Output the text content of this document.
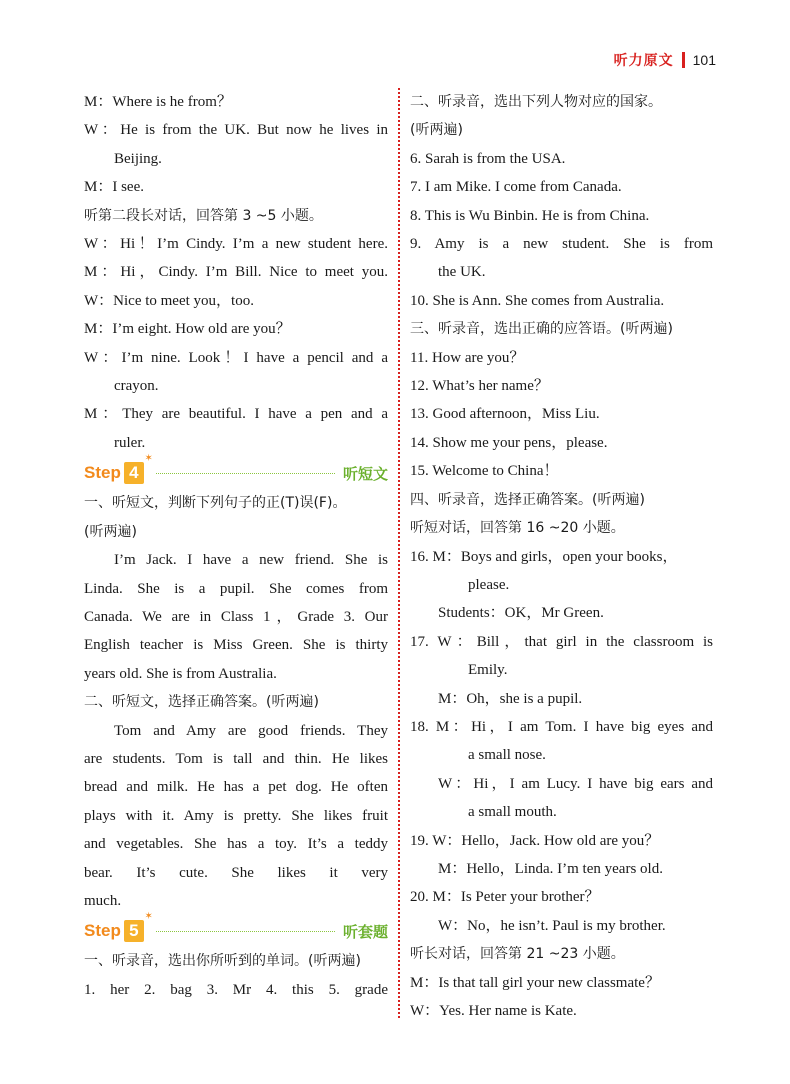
听力原文 101
M：Where is he from？
W：He is from the UK. But now he lives in
Beijing.
M：I see.
听第二段长对话，回答第 3 ~5 小题。
W：Hi！I’m Cindy. I’m a new student here.
M：Hi，Cindy. I’m Bill. Nice to meet you.
W：Nice to meet you，too.
M：I’m eight. How old are you？
W：I’m nine. Look！I have a pencil and a
crayon.
M：They are beautiful. I have a pen and a
ruler.
Step 4
✶
听短文
一、听短文，判断下列句子的正(T)误(F)。
(听两遍)
I’m Jack. I have a new friend. She is
Linda. She is a pupil. She comes from
Canada. We are in Class 1，Grade 3. Our
English teacher is Miss Green. She is thirty
years old. She is from Australia.
二、听短文，选择正确答案。(听两遍)
Tom and Amy are good friends. They
are students. Tom is tall and thin. He likes
bread and milk. He has a pet dog. He often
plays with it. Amy is pretty. She likes fruit
and vegetables. She has a toy. It’s a teddy
bear. It’s cute. She likes it very
much.
Step 5
✶
听套题
一、听录音，选出你所听到的单词。(听两遍)
1. her 2. bag 3. Mr 4. this 5. grade
二、听录音，选出下列人物对应的国家。
(听两遍)
6. Sarah is from the USA.
7. I am Mike. I come from Canada.
8. This is Wu Binbin. He is from China.
9. Amy is a new student. She is from
the UK.
10. She is Ann. She comes from Australia.
三、听录音，选出正确的应答语。(听两遍)
11. How are you？
12. What’s her name？
13. Good afternoon，Miss Liu.
14. Show me your pens，please.
15. Welcome to China！
四、听录音，选择正确答案。(听两遍)
听短对话，回答第 16 ~20 小题。
16. M：Boys and girls，open your books，
please.
Students：OK，Mr Green.
17. W：Bill，that girl in the classroom is
Emily.
M：Oh，she is a pupil.
18. M：Hi，I am Tom. I have big eyes and
a small nose.
W：Hi，I am Lucy. I have big ears and
a small mouth.
19. W：Hello，Jack. How old are you？
M：Hello，Linda. I’m ten years old.
20. M：Is Peter your brother？
W：No，he isn’t. Paul is my brother.
听长对话，回答第 21 ~23 小题。
M：Is that tall girl your new classmate？
W：Yes. Her name is Kate.
